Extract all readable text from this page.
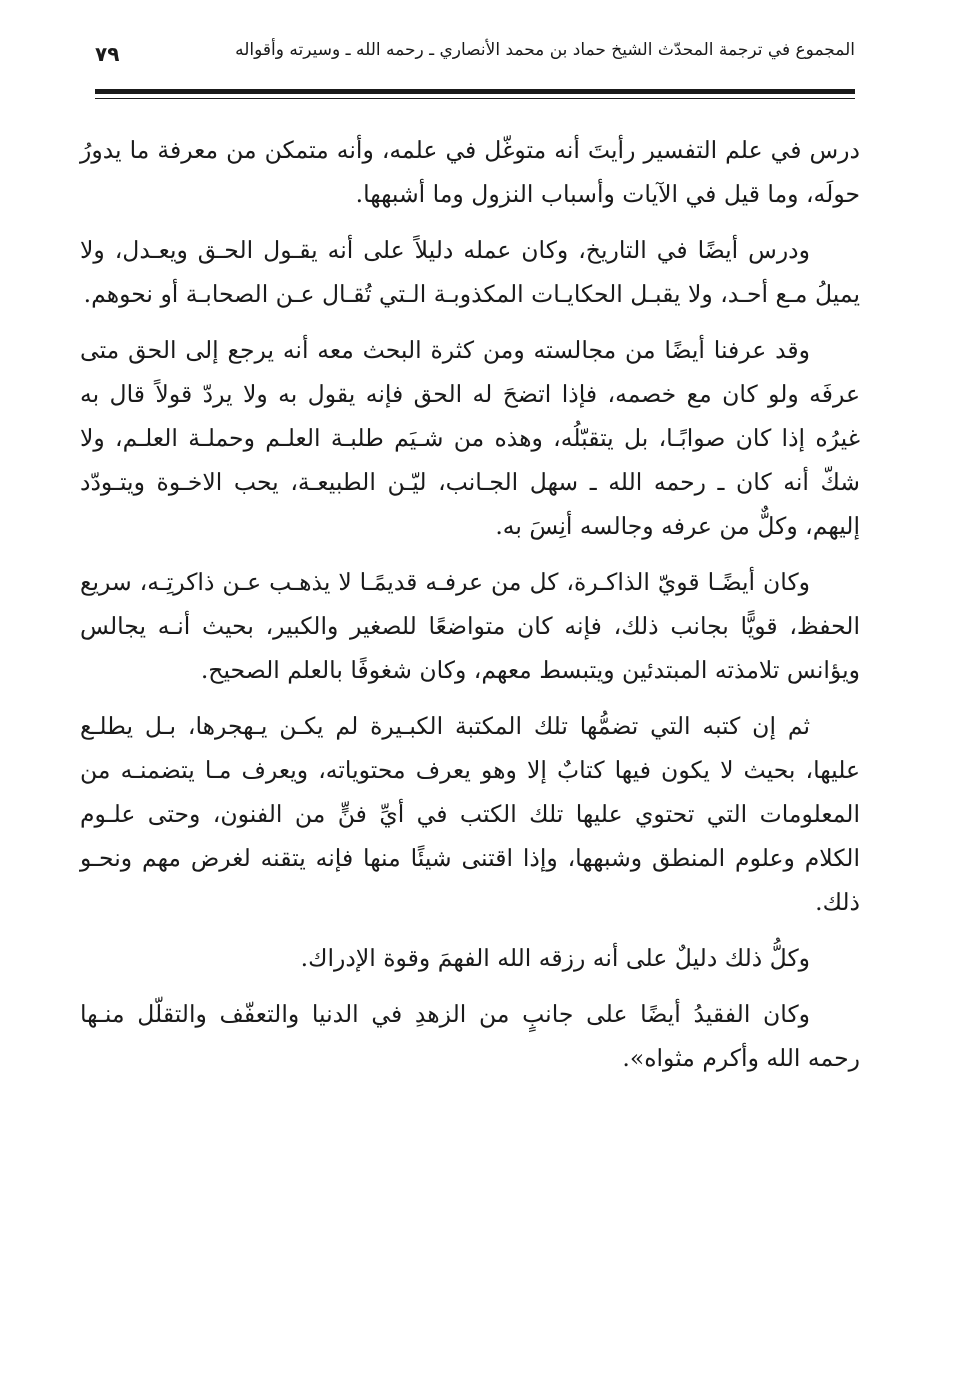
٧٩	المجموع في ترجمة المحدّث الشيخ حماد بن محمد الأنصاري ـ رحمه الله ـ وسيرته وأقواله

درس في علم التفسير رأيتَ أنه متوغّل في علمه، وأنه متمكن من معرفة ما يدورُ حولَه، وما قيل في الآيات وأسباب النزول وما أشبهها.

ودرس أيضًا في التاريخ، وكان عمله دليلاً على أنه يقـول الحـق ويعـدل، ولا يميلُ مـع أحـد، ولا يقبـل الحكايـات المكذوبـة الـتي تُقـال عـن الصحابـة أو نحوهم.

وقد عرفنا أيضًا من مجالسته ومن كثرة البحث معه أنه يرجع إلى الحق متى عرفَه ولو كان مع خصمه، فإذا اتضحَ له الحق فإنه يقول به ولا يردّ قولاً قال به غيرُه إذا كان صوابًـا، بل يتقبّلُه، وهذه من شـيَم طلبـة العلـم وحملـة العلـم، ولا شكّ أنه كان ـ رحمه الله ـ سهل الجـانب، ليّـن الطبيعـة، يحب الاخـوة ويتـودّد إليهم، وكلٌّ من عرفه وجالسه أنِسَ به.

وكان أيضًـا قويّ الذاكـرة، كل من عرفـه قديمًـا لا يذهـب عـن ذاكرتِـه، سريع الحفظ، قويًّا بجانب ذلك، فإنه كان متواضعًا للصغير والكبير، بحيث أنـه يجالس ويؤانس تلامذته المبتدئين ويتبسط معهم، وكان شغوفًا بالعلم الصحيح.

ثم إن كتبه التي تضمُّها تلك المكتبة الكبـيرة لم يكـن يـهجرها، بـل يطلـع عليها، بحيث لا يكون فيها كتابٌ إلا وهو يعرف محتوياته، ويعرف مـا يتضمنـه من المعلومات التي تحتوي عليها تلك الكتب في أيِّ فنٍّ من الفنون، وحتى علـوم الكلام وعلوم المنطق وشبهها، وإذا اقتنى شيئًا منها فإنه يتقنه لغرض مهم ونحـو ذلك.

وكلُّ ذلك دليلٌ على أنه رزقه الله الفهمَ وقوة الإدراك.

وكان الفقيدُ أيضًا على جانبٍ من الزهدِ في الدنيا والتعفّف والتقلّل منـها رحمه الله وأكرم مثواه».
